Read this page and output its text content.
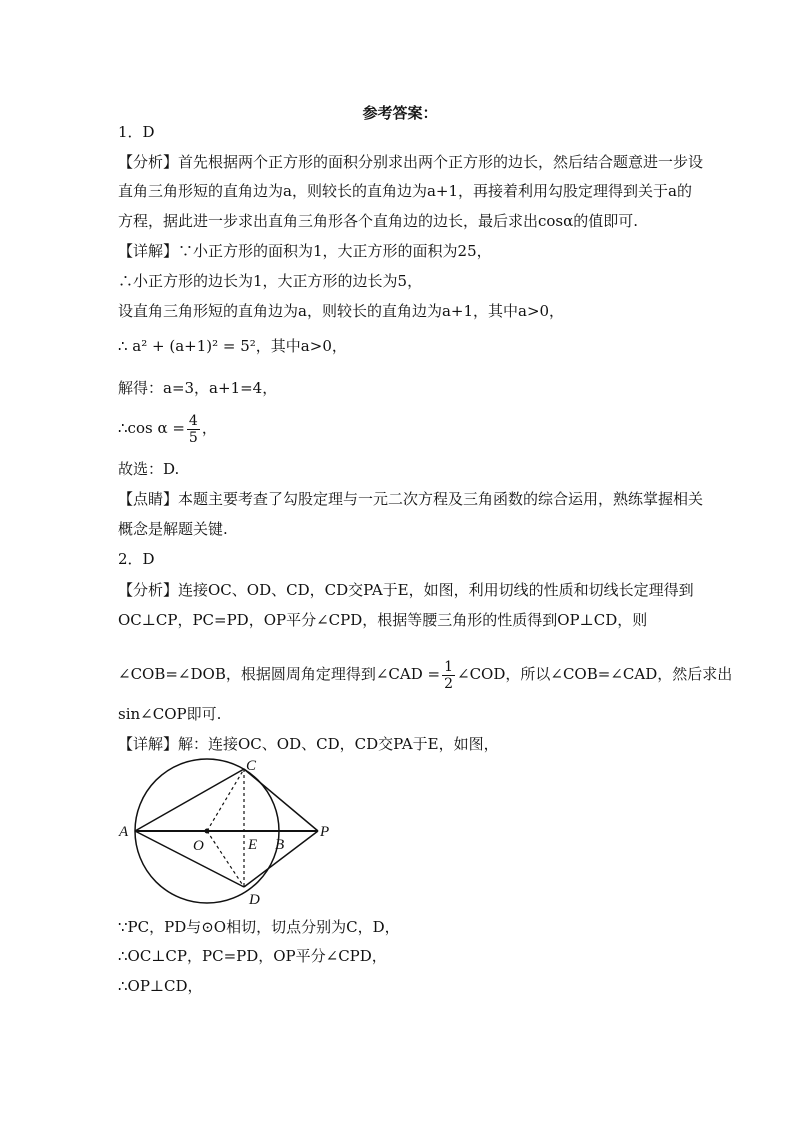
参考答案：
1．D
【分析】首先根据两个正方形的面积分别求出两个正方形的边长，然后结合题意进一步设
直角三角形短的直角边为a，则较长的直角边为a+1，再接着利用勾股定理得到关于a的
方程，据此进一步求出直角三角形各个直角边的边长，最后求出cosα的值即可.
【详解】∵小正方形的面积为1，大正方形的面积为25，
∴小正方形的边长为1，大正方形的边长为5，
设直角三角形短的直角边为a，则较长的直角边为a+1，其中a>0，
∴ a² + (a+1)² = 5²，其中a>0，
解得：a=3，a+1=4，
∴cos $\alpha = \frac{4}{5}$ ，
故选：D.
【点睛】本题主要考查了勾股定理与一元二次方程及三角函数的综合运用，熟练掌握相关
概念是解题关键.
2．D
【分析】连接OC、OD、CD，CD交PA于E，如图，利用切线的性质和切线长定理得到
OC⊥CP，PC=PD，OP平分∠CPD，根据等腰三角形的性质得到OP⊥CD，则
∠COB=∠DOB，根据圆周角定理得到∠CAD = $\frac{1}{2}$ ∠COD，所以∠COB=∠CAD，然后求出
sin∠COP即可.
【详解】解：连接OC、OD、CD，CD交PA于E，如图，
A
O	E B
P
C
D
∵PC，PD与⊙O相切，切点分别为C，D，
∴OC⊥CP，PC=PD，OP平分∠CPD，
∴OP⊥CD，
